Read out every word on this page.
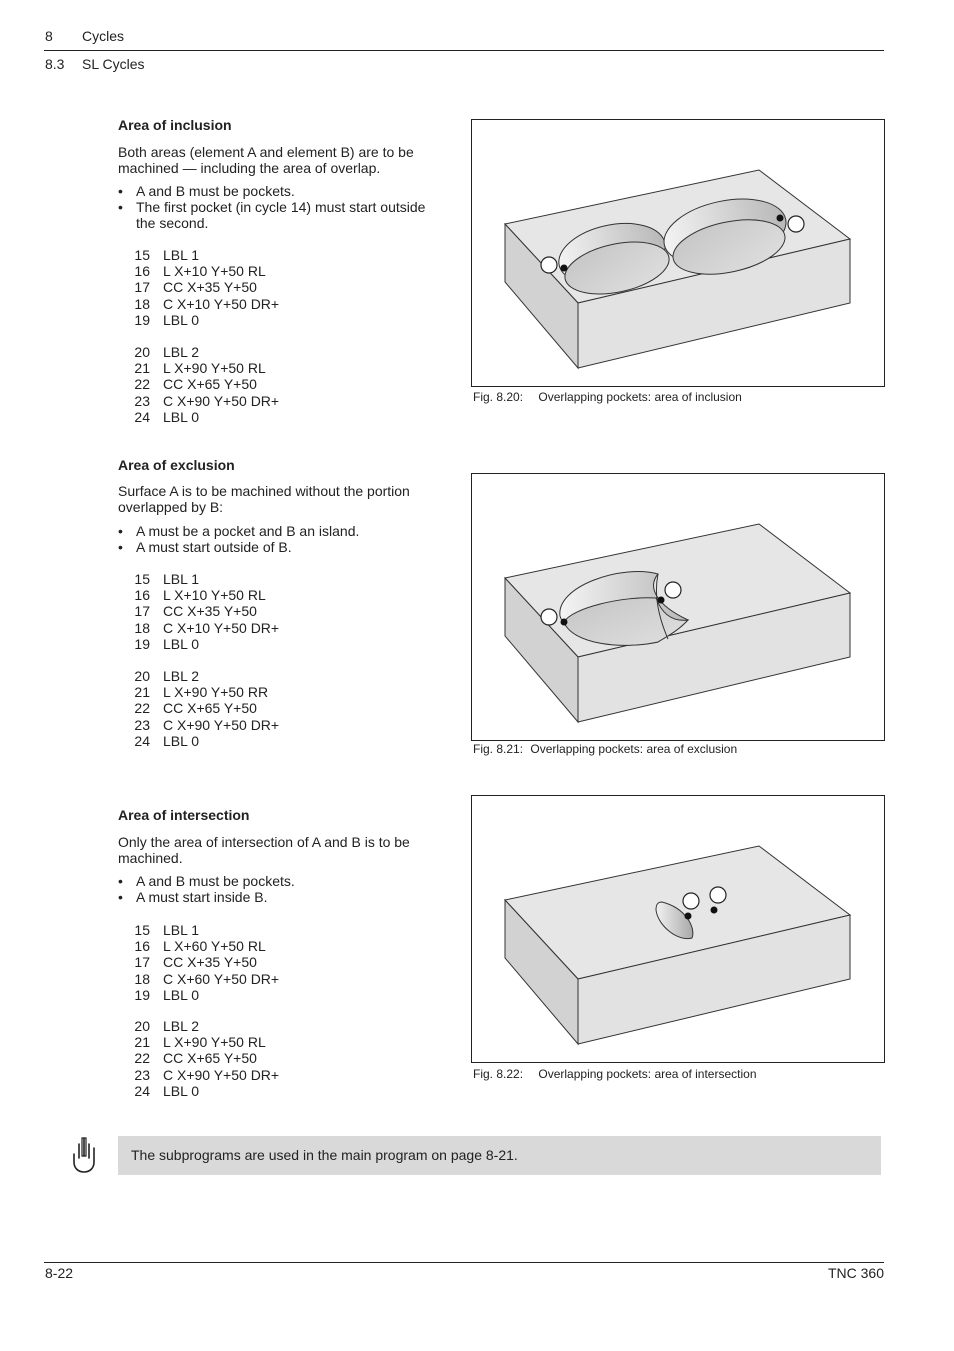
8 Cycles
8.3 SL Cycles
Area of inclusion
Both areas (element A and element B) are to be machined — including the area of overlap.
• A and B must be pockets.
• The first pocket (in cycle 14) must start outside the second.
15 LBL 1
16 L X+10 Y+50 RL
17 CC X+35 Y+50
18 C X+10 Y+50 DR+
19 LBL 0
20 LBL 2
21 L X+90 Y+50 RL
22 CC X+65 Y+50
23 C X+90 Y+50 DR+
24 LBL 0
Fig. 8.20: Overlapping pockets: area of inclusion
Area of exclusion
Surface A is to be machined without the portion overlapped by B:
• A must be a pocket and B an island.
• A must start outside of B.
15 LBL 1
16 L X+10 Y+50 RL
17 CC X+35 Y+50
18 C X+10 Y+50 DR+
19 LBL 0
20 LBL 2
21 L X+90 Y+50 RR
22 CC X+65 Y+50
23 C X+90 Y+50 DR+
24 LBL 0
Fig. 8.21: Overlapping pockets: area of exclusion
Area of intersection
Only the area of intersection of A and B is to be machined.
• A and B must be pockets.
• A must start inside B.
15 LBL 1
16 L X+60 Y+50 RL
17 CC X+35 Y+50
18 C X+60 Y+50 DR+
19 LBL 0
20 LBL 2
21 L X+90 Y+50 RL
22 CC X+65 Y+50
23 C X+90 Y+50 DR+
24 LBL 0
Fig. 8.22: Overlapping pockets: area of intersection
The subprograms are used in the main program on page 8-21.
8-22	TNC 360
